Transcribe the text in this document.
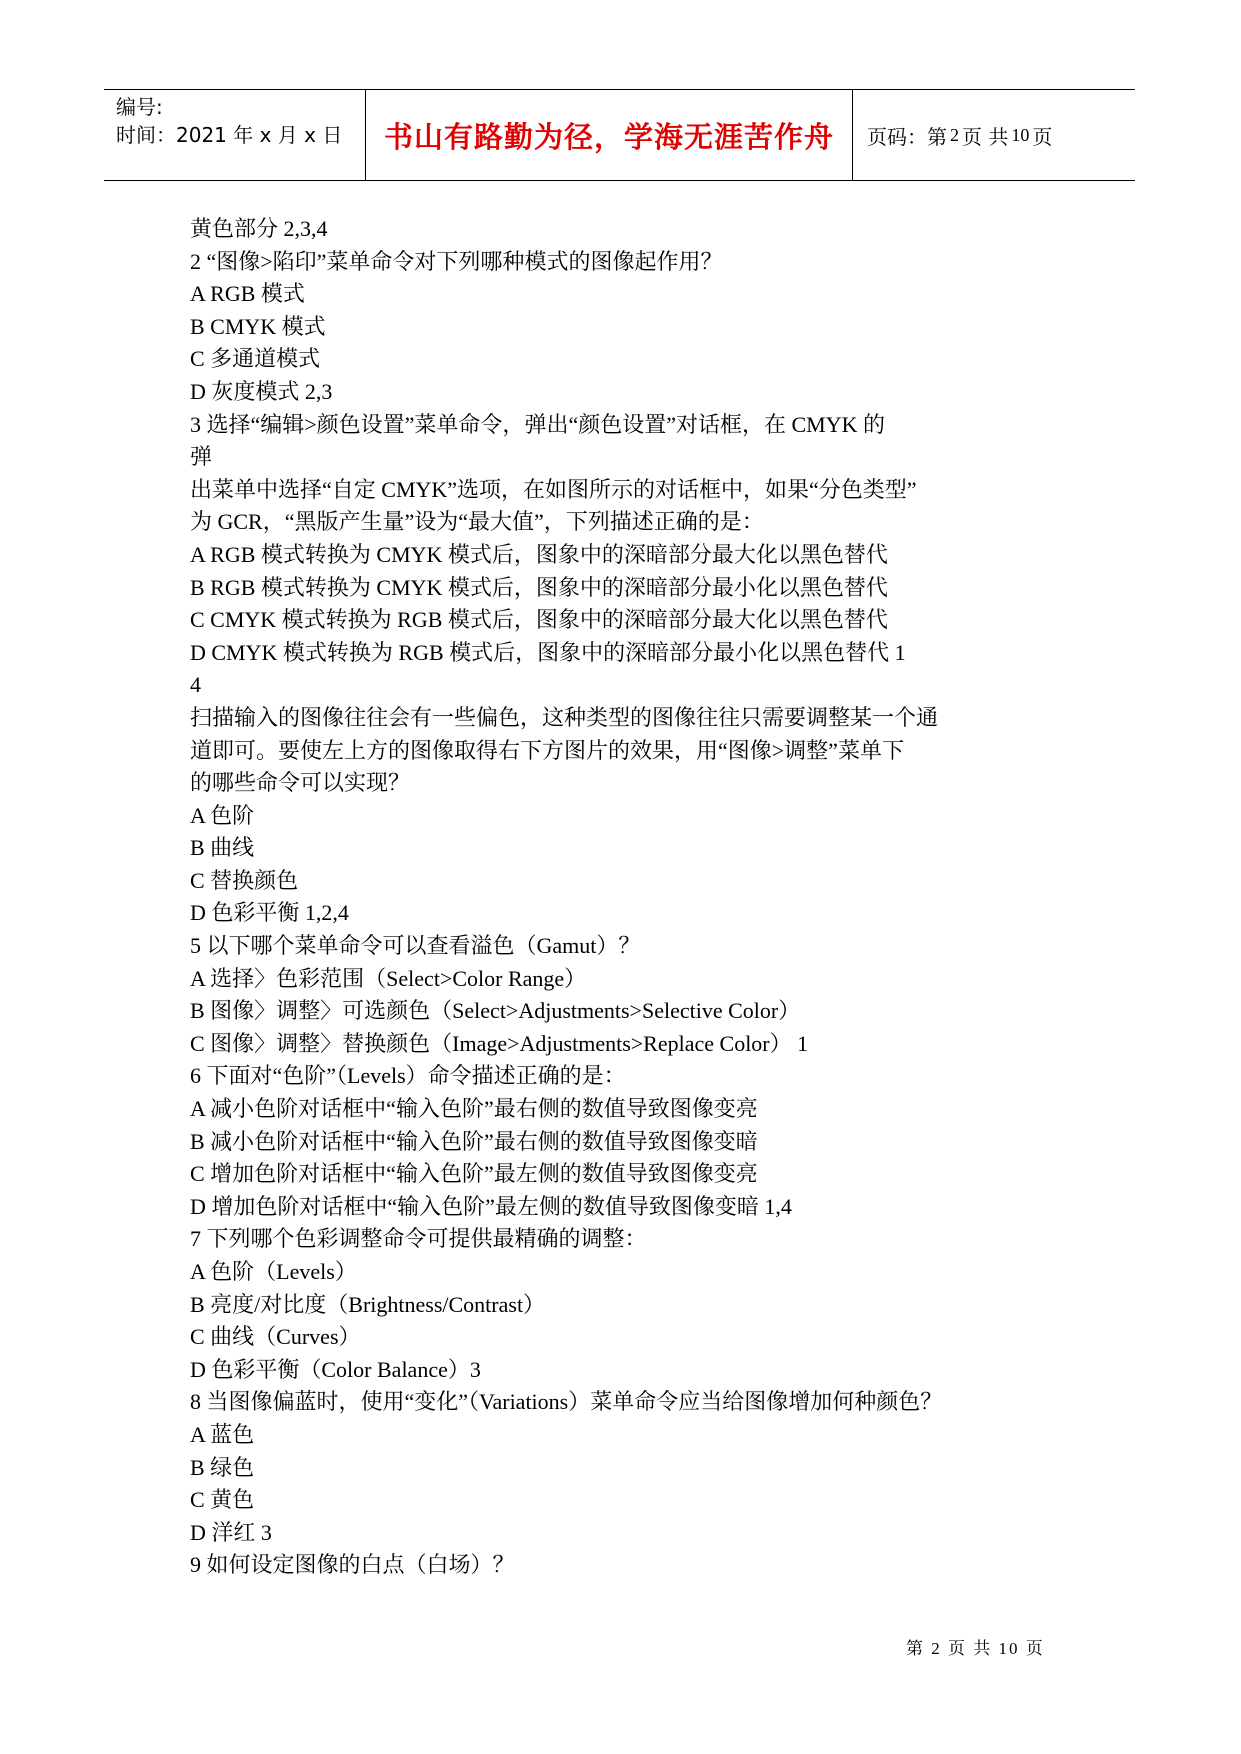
编号:
时间：2021 年 x 月 x 日	书山有路勤为径，学海无涯苦作舟 页码：第 2 页 共 10 页
黄色部分 2,3,4
2 “图像>陷印”菜单命令对下列哪种模式的图像起作用？
A RGB 模式
B CMYK 模式
C 多通道模式
D 灰度模式 2,3
3 选择“编辑>颜色设置”菜单命令，弹出“颜色设置”对话框，在 CMYK 的
弹
出菜单中选择“自定 CMYK”选项，在如图所示的对话框中，如果“分色类型”
为 GCR，“黑版产生量”设为“最大值”，下列描述正确的是：
A RGB 模式转换为 CMYK 模式后，图象中的深暗部分最大化以黑色替代
B RGB 模式转换为 CMYK 模式后，图象中的深暗部分最小化以黑色替代
C CMYK 模式转换为 RGB 模式后，图象中的深暗部分最大化以黑色替代
D CMYK 模式转换为 RGB 模式后，图象中的深暗部分最小化以黑色替代 1
4
扫描输入的图像往往会有一些偏色，这种类型的图像往往只需要调整某一个通
道即可。要使左上方的图像取得右下方图片的效果，用“图像>调整”菜单下
的哪些命令可以实现？
A 色阶
B 曲线
C 替换颜色
D 色彩平衡 1,2,4
5 以下哪个菜单命令可以查看溢色（Gamut）？
A 选择〉色彩范围（Select>Color Range）
B 图像〉调整〉可选颜色（Select>Adjustments>Selective Color）
C 图像〉调整〉替换颜色（Image>Adjustments>Replace Color） 1
6 下面对“色阶”（Levels）命令描述正确的是：
A 减小色阶对话框中“输入色阶”最右侧的数值导致图像变亮
B 减小色阶对话框中“输入色阶”最右侧的数值导致图像变暗
C 增加色阶对话框中“输入色阶”最左侧的数值导致图像变亮
D 增加色阶对话框中“输入色阶”最左侧的数值导致图像变暗 1,4
7 下列哪个色彩调整命令可提供最精确的调整：
A 色阶（Levels）
B 亮度/对比度（Brightness/Contrast）
C 曲线（Curves）
D 色彩平衡（Color Balance）3
8 当图像偏蓝时，使用“变化”（Variations）菜单命令应当给图像增加何种颜色？
A 蓝色
B 绿色
C 黄色
D 洋红 3
9 如何设定图像的白点（白场）？
第 2 页 共 10 页
